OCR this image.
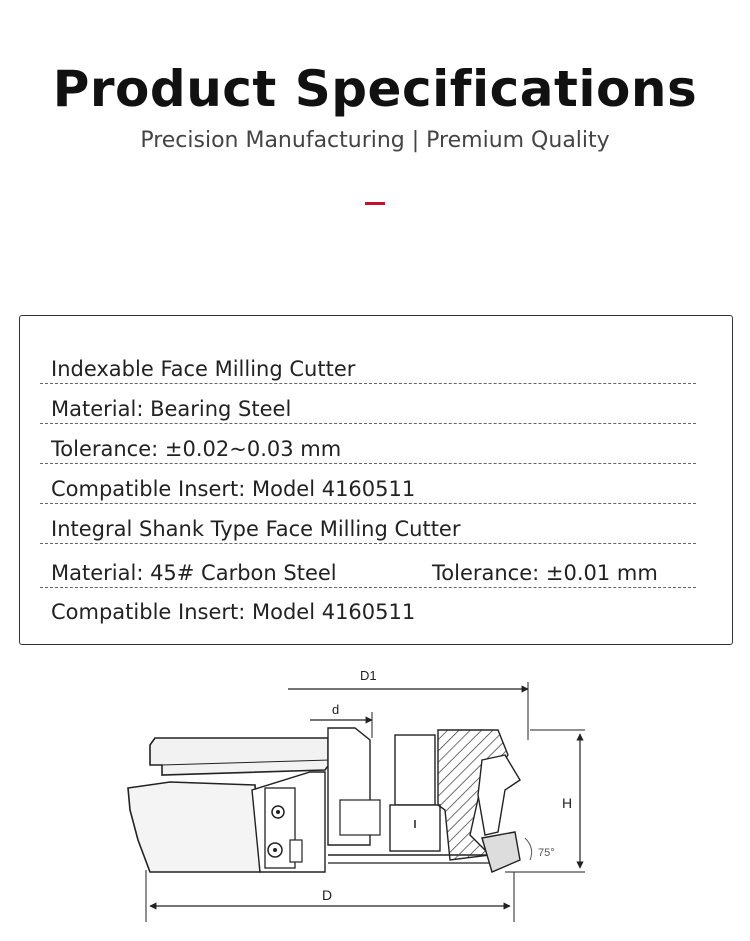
Product Specifications
Precision Manufacturing | Premium Quality
Indexable Face Milling Cutter
Material: Bearing Steel
Tolerance: ±0.02~0.03 mm
Compatible Insert: Model 4160511
Integral Shank Type Face Milling Cutter
Material: 45# Carbon Steel	Tolerance: ±0.01 mm
Compatible Insert: Model 4160511
D1
d
75°
H
D
